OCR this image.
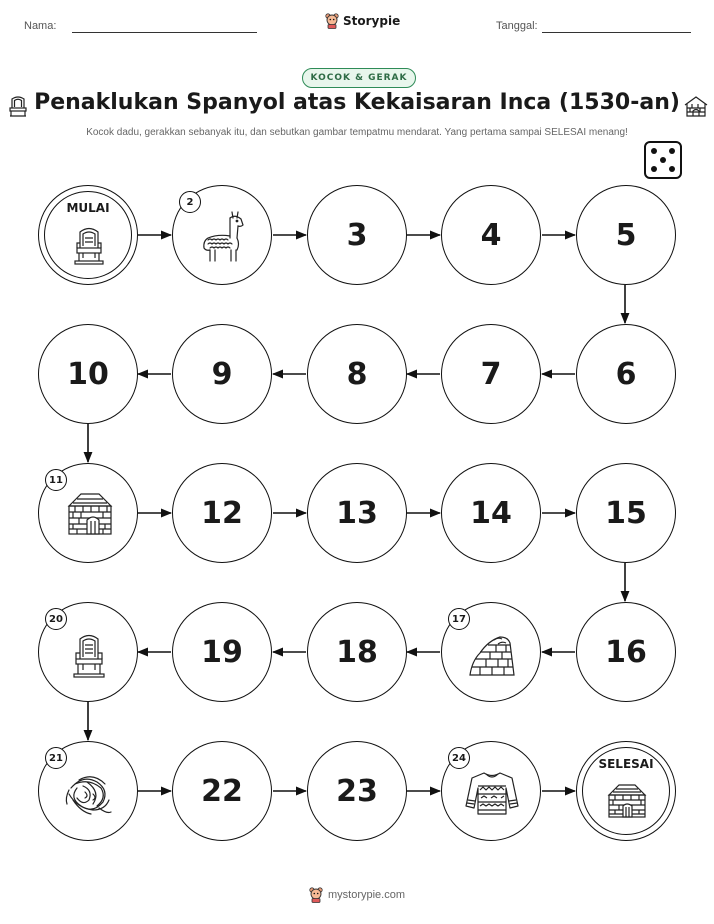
Nama:	Storypie	Tanggal:
KOCOK & GERAK
Penaklukan Spanyol atas Kekaisaran Inca (1530-an)
Kocok dadu, gerakkan sebanyak itu, dan sebutkan gambar tempatmu mendarat. Yang pertama sampai SELESAI menang!
MULAI	2
3	4	5
6
7
8
9
10
11
12	13	14	15
16
17
18
19
20
21
22	23
24	SELESAI
mystorypie.com
